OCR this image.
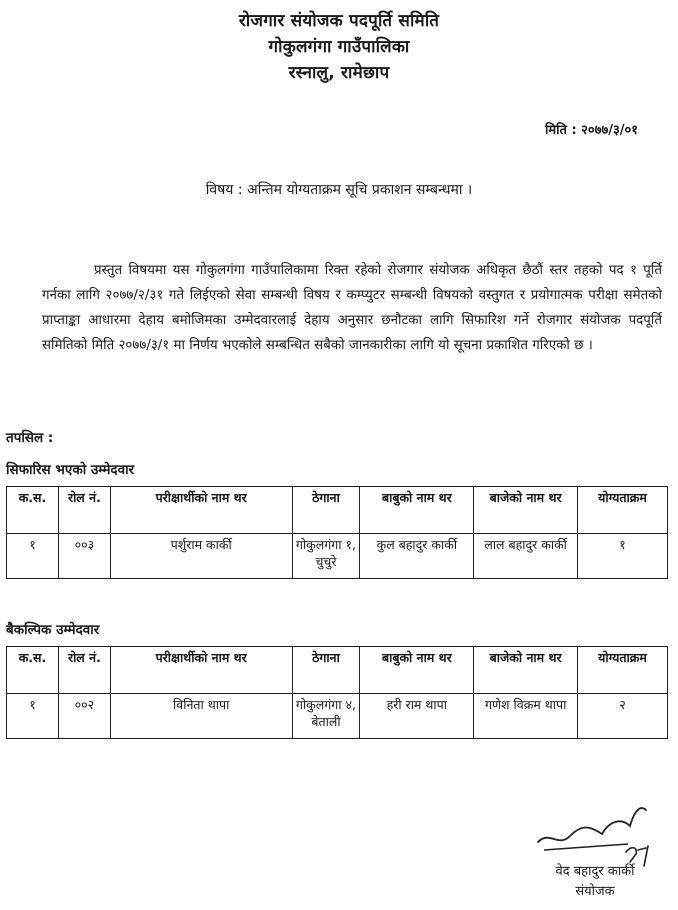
रोजगार संयोजक पदपूर्ति समिति
गोकुलगंगा गाउँपालिका
रस्नालु, रामेछाप
मिति : २०७७/३/०१
विषय : अन्तिम योग्यताक्रम सूचि प्रकाशन सम्बन्धमा ।
प्रस्तुत विषयमा यस गोकुलगंगा गाउँपालिकामा रिक्त रहेको रोजगार संयोजक अधिकृत छैठौं स्तर तहको पद १ पूर्ति गर्नका लागि २०७७/२/३१ गते लिईएको सेवा सम्बन्धी विषय र कम्प्युटर सम्बन्धी विषयको वस्तुगत र प्रयोगात्मक परीक्षा समेतको प्राप्ताङ्का आधारमा देहाय बमोजिमका उम्मेदवारलाई देहाय अनुसार छनौटका लागि सिफारिश गर्ने रोजगार संयोजक पदपूर्ति समितिको मिति २०७७/३/१ मा निर्णय भएकोले सम्बन्धित सबैको जानकारीका लागि यो सूचना प्रकाशित गरिएको छ ।
तपसिल :
सिफारिस भएको उम्मेदवार
क.स.	रोल नं.	परीक्षार्थीको नाम थर	ठेगाना	बाबुको नाम थर	बाजेको नाम थर	योग्यताक्रम
१	००३	पर्शुराम कार्की	गोकुलगंगा १, चुचुरे	कुल बहादुर कार्की	लाल बहादुर कार्की	१
बैकल्पिक उम्मेदवार
क.स.	रोल नं.	परीक्षार्थीको नाम थर	ठेगाना	बाबुको नाम थर	बाजेको नाम थर	योग्यताक्रम
१	००२	विनिता थापा	गोकुलगंगा ४, बेताली	हरी राम थापा	गणेश विक्रम थापा	२
वेद बहादुर कार्की
संयोजक
